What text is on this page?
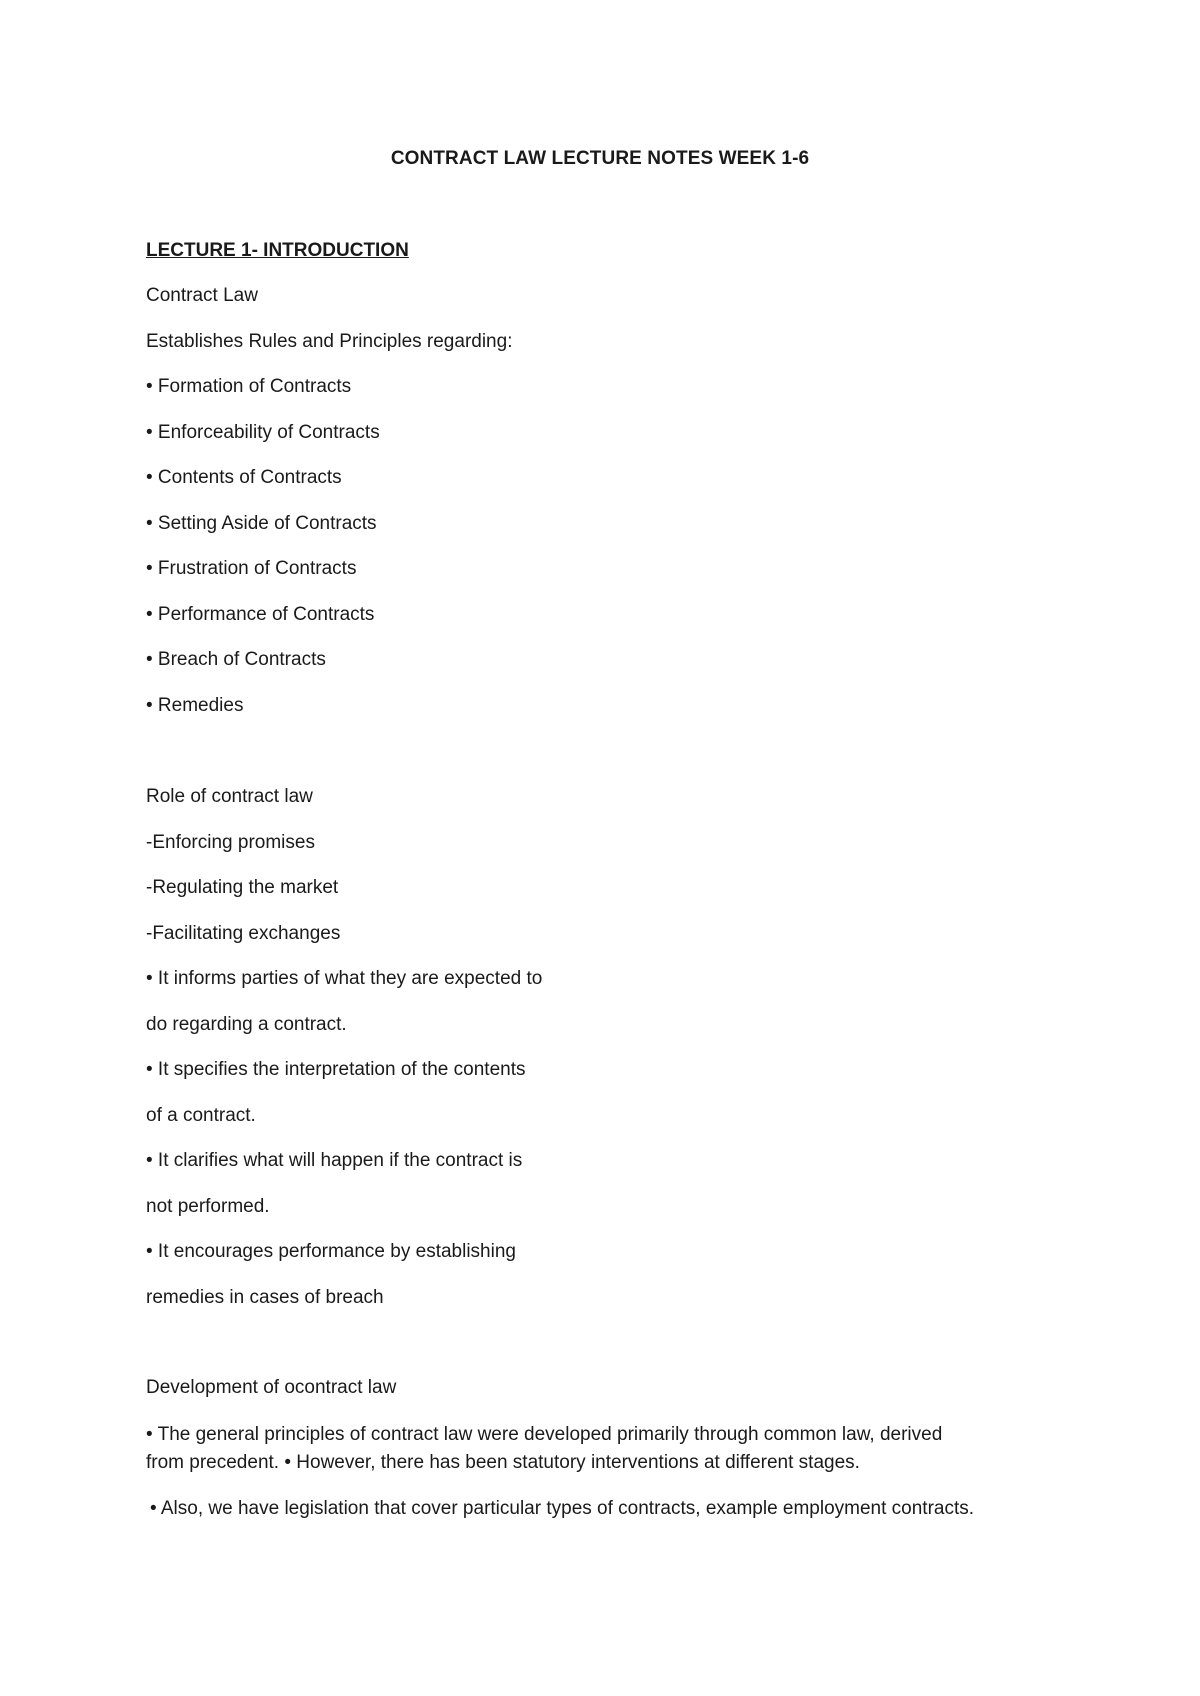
CONTRACT LAW LECTURE NOTES WEEK 1-6
LECTURE 1- INTRODUCTION
Contract Law
Establishes Rules and Principles regarding:
• Formation of Contracts
• Enforceability of Contracts
• Contents of Contracts
• Setting Aside of Contracts
• Frustration of Contracts
• Performance of Contracts
• Breach of Contracts
• Remedies
Role of contract law
-Enforcing promises
-Regulating the market
-Facilitating exchanges
• It informs parties of what they are expected to
do regarding a contract.
• It specifies the interpretation of the contents
of a contract.
• It clarifies what will happen if the contract is
not performed.
• It encourages performance by establishing
remedies in cases of breach
Development of ocontract law
• The general principles of contract law were developed primarily through common law, derived
from precedent. • However, there has been statutory interventions at different stages.
• Also, we have legislation that cover particular types of contracts, example employment contracts.
